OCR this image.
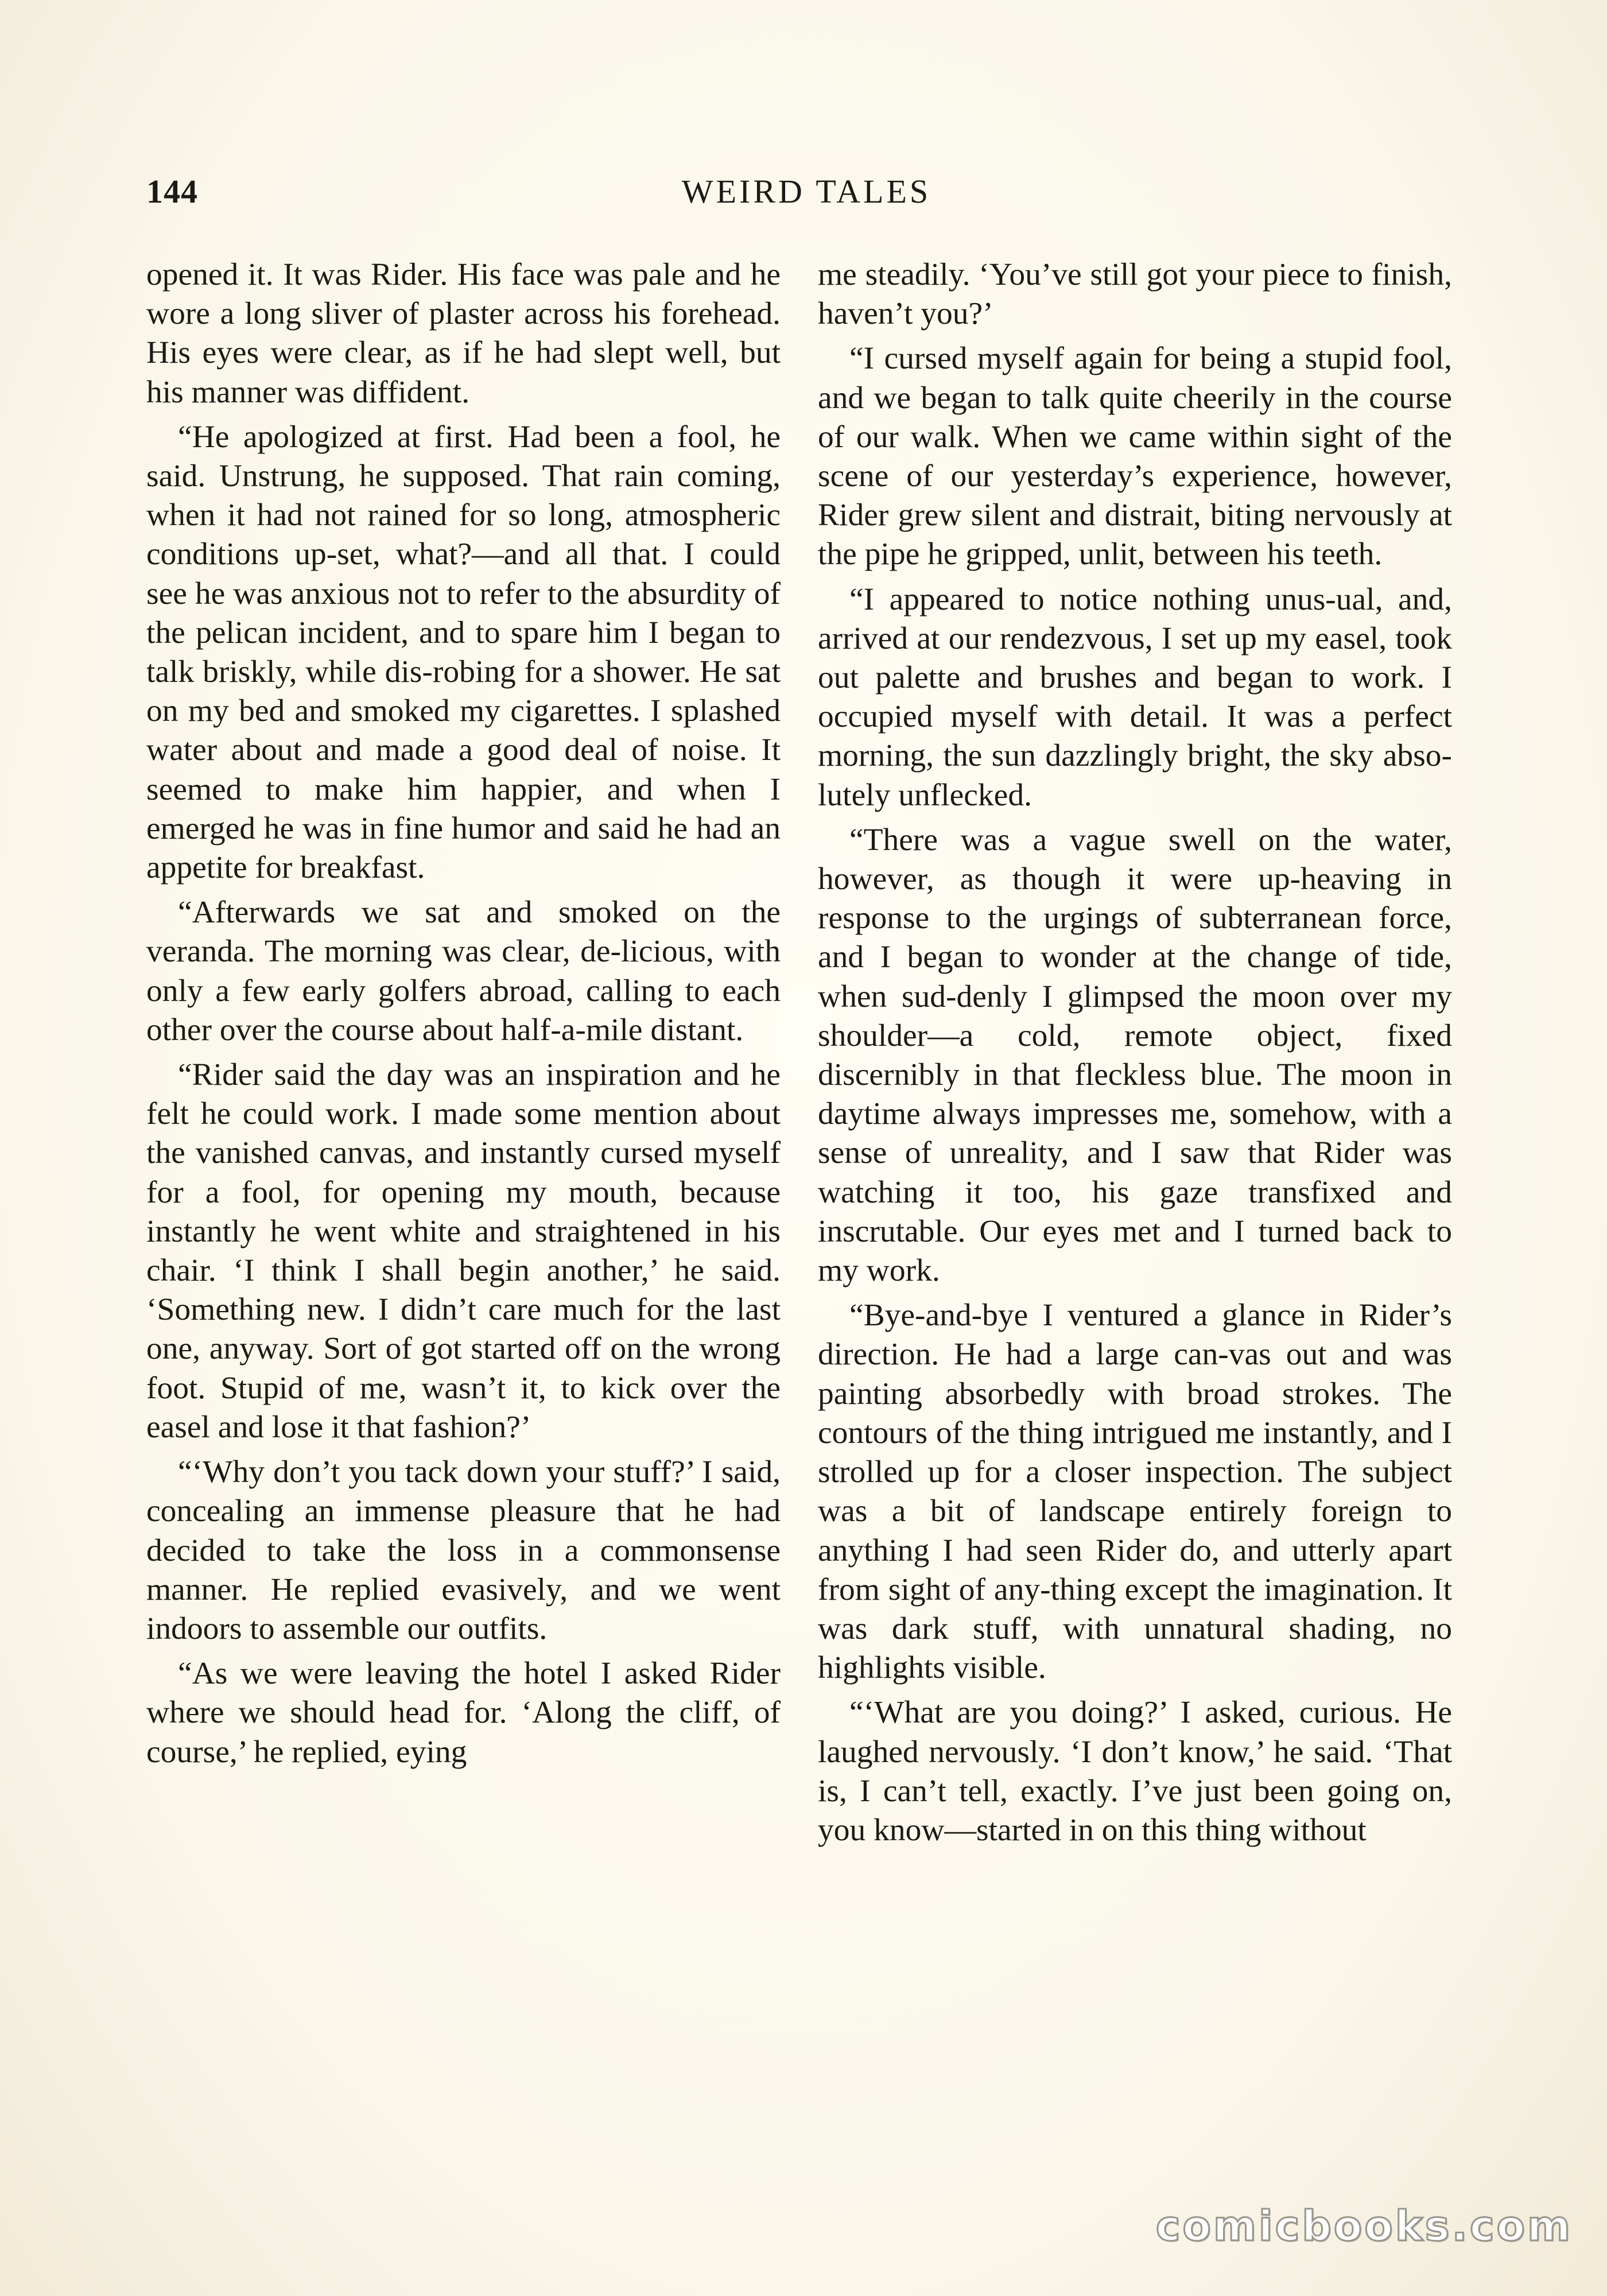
144	WEIRD TALES

opened it. It was Rider. His face was pale and he wore a long sliver of plaster across his forehead. His eyes were clear, as if he had slept well, but his manner was diffident.

“He apologized at first. Had been a fool, he said. Unstrung, he supposed. That rain coming, when it had not rained for so long, atmospheric conditions up-set, what?—and all that. I could see he was anxious not to refer to the absurdity of the pelican incident, and to spare him I began to talk briskly, while dis-robing for a shower. He sat on my bed and smoked my cigarettes. I splashed water about and made a good deal of noise. It seemed to make him happier, and when I emerged he was in fine humor and said he had an appetite for breakfast.

“Afterwards we sat and smoked on the veranda. The morning was clear, de-licious, with only a few early golfers abroad, calling to each other over the course about half-a-mile distant.

“Rider said the day was an inspiration and he felt he could work. I made some mention about the vanished canvas, and instantly cursed myself for a fool, for opening my mouth, because instantly he went white and straightened in his chair. ‘I think I shall begin another,’ he said. ‘Something new. I didn’t care much for the last one, anyway. Sort of got started off on the wrong foot. Stupid of me, wasn’t it, to kick over the easel and lose it that fashion?’

“‘Why don’t you tack down your stuff?’ I said, concealing an immense pleasure that he had decided to take the loss in a commonsense manner. He replied evasively, and we went indoors to assemble our outfits.

“As we were leaving the hotel I asked Rider where we should head for. ‘Along the cliff, of course,’ he replied, eying

me steadily. ‘You’ve still got your piece to finish, haven’t you?’

“I cursed myself again for being a stupid fool, and we began to talk quite cheerily in the course of our walk. When we came within sight of the scene of our yesterday’s experience, however, Rider grew silent and distrait, biting nervously at the pipe he gripped, unlit, between his teeth.

“I appeared to notice nothing unus-ual, and, arrived at our rendezvous, I set up my easel, took out palette and brushes and began to work. I occupied myself with detail. It was a perfect morning, the sun dazzlingly bright, the sky abso-lutely unflecked.

“There was a vague swell on the water, however, as though it were up-heaving in response to the urgings of subterranean force, and I began to wonder at the change of tide, when sud-denly I glimpsed the moon over my shoulder—a cold, remote object, fixed discernibly in that fleckless blue. The moon in daytime always impresses me, somehow, with a sense of unreality, and I saw that Rider was watching it too, his gaze transfixed and inscrutable. Our eyes met and I turned back to my work.

“Bye-and-bye I ventured a glance in Rider’s direction. He had a large can-vas out and was painting absorbedly with broad strokes. The contours of the thing intrigued me instantly, and I strolled up for a closer inspection. The subject was a bit of landscape entirely foreign to anything I had seen Rider do, and utterly apart from sight of any-thing except the imagination. It was dark stuff, with unnatural shading, no highlights visible.

“‘What are you doing?’ I asked, curious. He laughed nervously. ‘I don’t know,’ he said. ‘That is, I can’t tell, exactly. I’ve just been going on, you know—started in on this thing without

comicbooks.com
